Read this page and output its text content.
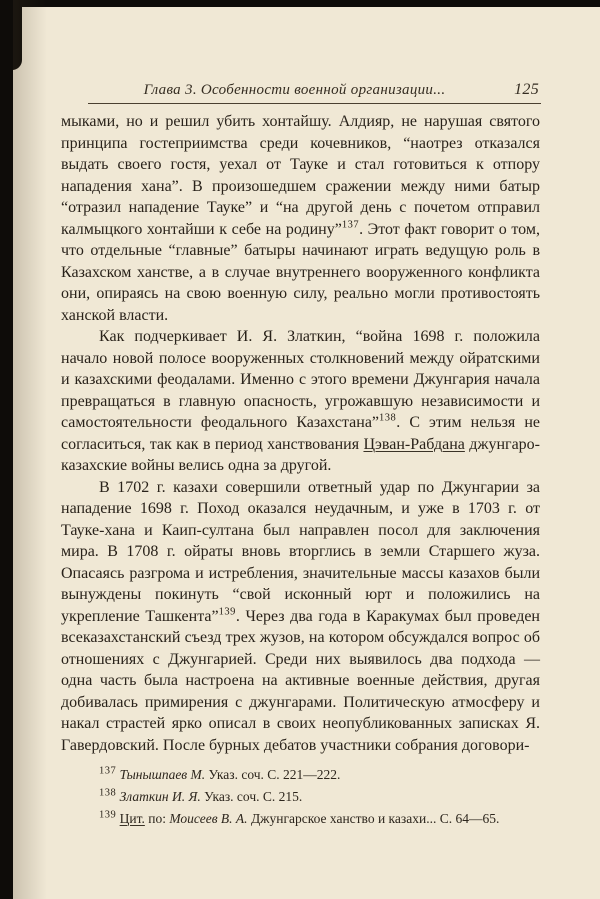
Глава 3. Особенности военной организации...	125

мыками, но и решил убить хонтайшу. Алдияр, не нарушая святого принципа гостеприимства среди кочевников, “наотрез отказался выдать своего гостя, уехал от Тауке и стал готовиться к отпору нападения хана”. В произошедшем сражении между ними батыр “отразил нападение Тауке” и “на другой день с почетом отправил калмыцкого хонтайши к себе на родину”$^{137}$. Этот факт говорит о том, что отдельные “главные” батыры начинают играть ведущую роль в Казахском ханстве, а в случае внутреннего вооруженного конфликта они, опираясь на свою военную силу, реально могли противостоять ханской власти.

Как подчеркивает И. Я. Златкин, “война 1698 г. положила начало новой полосе вооруженных столкновений между ойратскими и казахскими феодалами. Именно с этого времени Джунгария начала превращаться в главную опасность, угрожавшую независимости и самостоятельности феодального Казахстана”$^{138}$. С этим нельзя не согласиться, так как в период ханствования Цэван-Рабдана джунгаро-казахские войны велись одна за другой.

В 1702 г. казахи совершили ответный удар по Джунгарии за нападение 1698 г. Поход оказался неудачным, и уже в 1703 г. от Тауке-хана и Каип-султана был направлен посол для заключения мира. В 1708 г. ойраты вновь вторглись в земли Старшего жуза. Опасаясь разгрома и истребления, значительные массы казахов были вынуждены покинуть “свой исконный юрт и положились на укрепление Ташкента”$^{139}$. Через два года в Каракумах был проведен всеказахстанский съезд трех жузов, на котором обсуждался вопрос об отношениях с Джунгарией. Среди них выявилось два подхода — одна часть была настроена на активные военные действия, другая добивалась примирения с джунгарами. Политическую атмосферу и накал страстей ярко описал в своих неопубликованных записках Я. Гавердовский. После бурных дебатов участники собрания договори-

$^{137}$ Тынышпаев М. Указ. соч. С. 221—222.

$^{138}$ Златкин И. Я. Указ. соч. С. 215.

$^{139}$ Цит. по: Моисеев В. А. Джунгарское ханство и казахи... С. 64—65.
